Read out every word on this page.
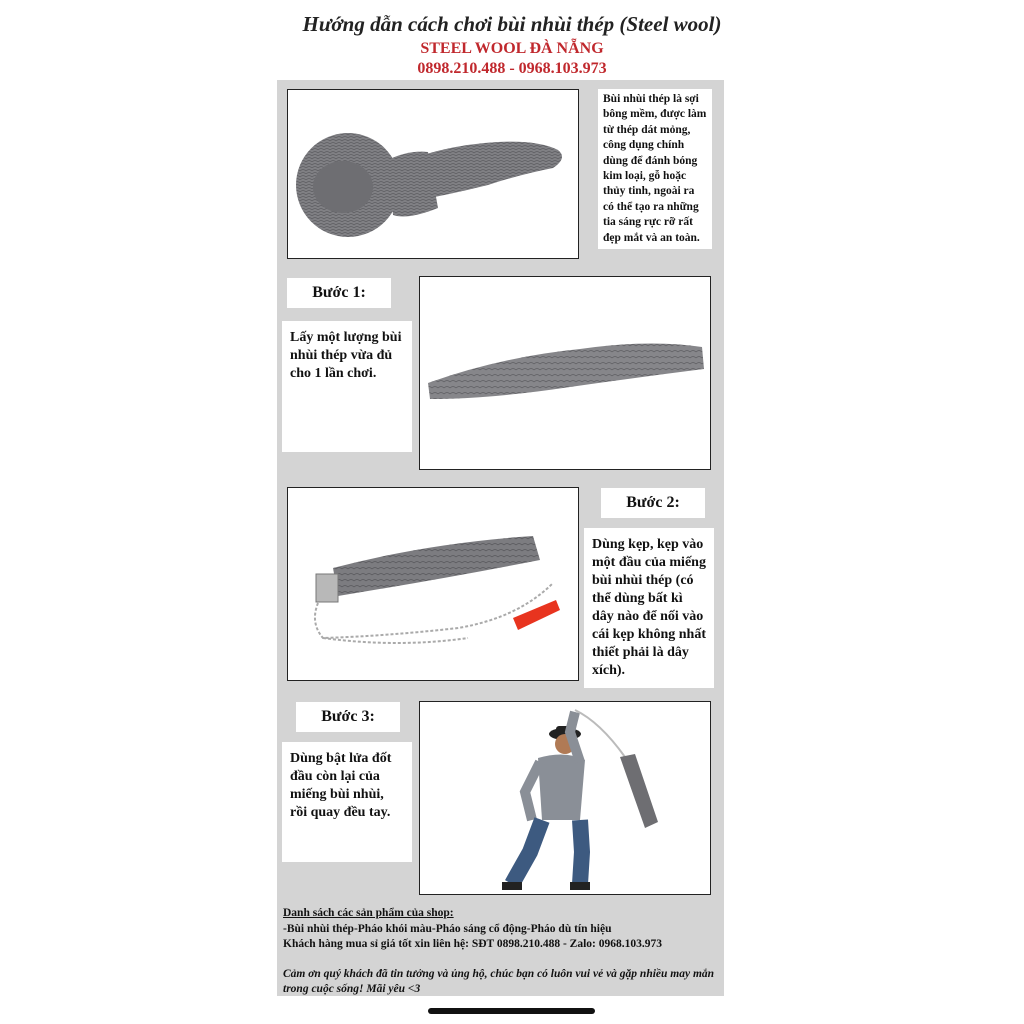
Hướng dẫn cách chơi bùi nhùi thép (Steel wool)
STEEL WOOL ĐÀ NẴNG
0898.210.488 - 0968.103.973
Bùi nhùi thép là sợi bông mềm, được làm từ thép dát mỏng, công dụng chính dùng để đánh bóng kim loại, gỗ hoặc thủy tinh, ngoài ra có thể tạo ra những tia sáng rực rỡ rất đẹp mắt và an toàn.
Bước 1:
Lấy một lượng bùi nhùi thép vừa đủ cho 1 lần chơi.
Bước 2:
Dùng kẹp, kẹp vào một đầu của miếng bùi nhùi thép (có thể dùng bất kì dây nào để nối vào cái kẹp không nhất thiết phải là dây xích).
Bước 3:
Dùng bật lửa đốt đầu còn lại của miếng bùi nhùi, rồi quay đều tay.
Danh sách các sản phẩm của shop:
-Bùi nhùi thép-Pháo khói màu-Pháo sáng cổ động-Pháo dù tín hiệu
Khách hàng mua sỉ giá tốt xin liên hệ: SĐT 0898.210.488 - Zalo: 0968.103.973
Cảm ơn quý khách đã tin tưởng và ủng hộ, chúc bạn có luôn vui vẻ và gặp nhiều may mắn trong cuộc sống! Mãi yêu <3
